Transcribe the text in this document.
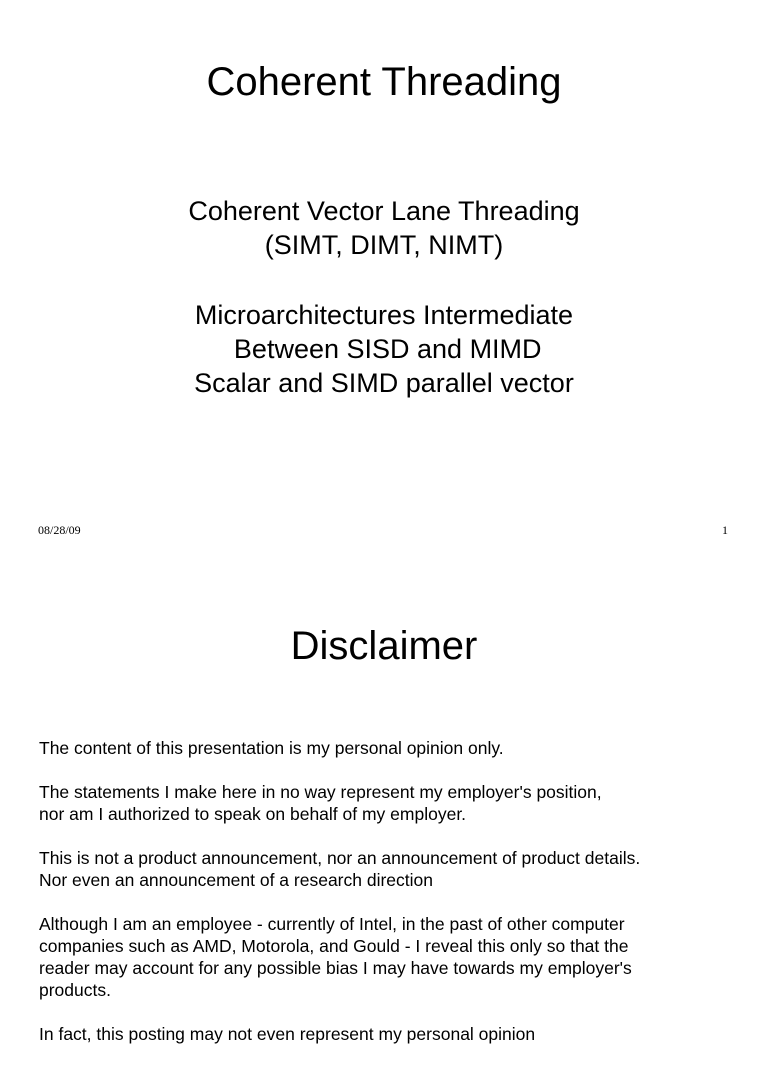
Coherent Threading
Coherent Vector Lane Threading
(SIMT, DIMT, NIMT)
Microarchitectures Intermediate
Between SISD and MIMD
Scalar and SIMD parallel vector
08/28/09	1
Disclaimer

The content of this presentation is my personal opinion only.

The statements I make here in no way represent my employer's position,
nor am I authorized to speak on behalf of my employer.

This is not a product announcement, nor an announcement of product details.
Nor even an announcement of a research direction

Although I am an employee - currently of Intel, in the past of other computer
companies such as AMD, Motorola, and Gould - I reveal this only so that the
reader may account for any possible bias I may have towards my employer's
products.

In fact, this posting may not even represent my personal opinion
